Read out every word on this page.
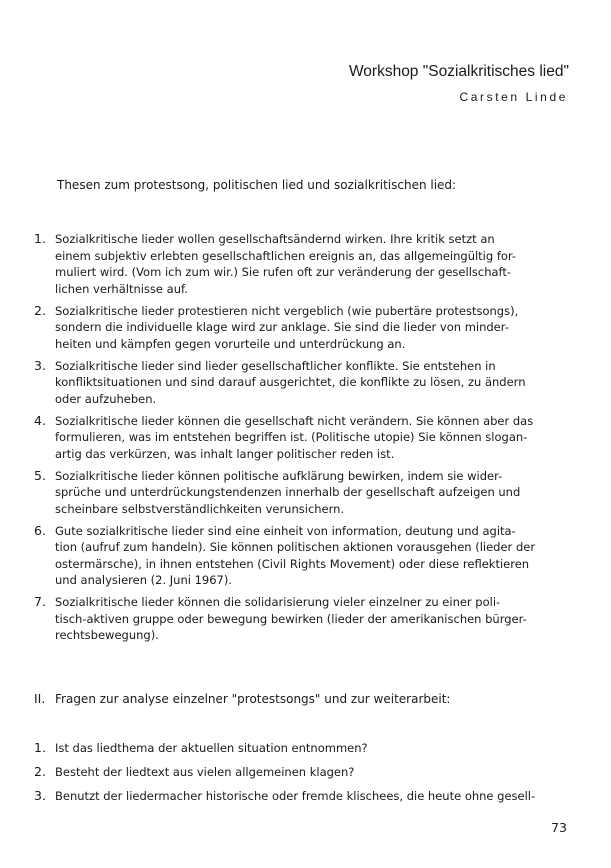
Workshop "Sozialkritisches lied"

Carsten Linde

Thesen zum protestsong, politischen lied und sozialkritischen lied:

1. Sozialkritische lieder wollen gesellschaftsändernd wirken. Ihre kritik setzt an
einem subjektiv erlebten gesellschaftlichen ereignis an, das allgemeingültig for-
muliert wird. (Vom ich zum wir.) Sie rufen oft zur veränderung der gesellschaft-
lichen verhältnisse auf.
2. Sozialkritische lieder protestieren nicht vergeblich (wie pubertäre protestsongs),
sondern die individuelle klage wird zur anklage. Sie sind die lieder von minder-
heiten und kämpfen gegen vorurteile und unterdrückung an.
3. Sozialkritische lieder sind lieder gesellschaftlicher konflikte. Sie entstehen in
konfliktsituationen und sind darauf ausgerichtet, die konflikte zu lösen, zu ändern
oder aufzuheben.
4. Sozialkritische lieder können die gesellschaft nicht verändern. Sie können aber das
formulieren, was im entstehen begriffen ist. (Politische utopie) Sie können slogan-
artig das verkürzen, was inhalt langer politischer reden ist.
5. Sozialkritische lieder können politische aufklärung bewirken, indem sie wider-
sprüche und unterdrückungstendenzen innerhalb der gesellschaft aufzeigen und
scheinbare selbstverständlichkeiten verunsichern.
6. Gute sozialkritische lieder sind eine einheit von information, deutung und agita-
tion (aufruf zum handeln). Sie können politischen aktionen vorausgehen (lieder der
ostermärsche), in ihnen entstehen (Civil Rights Movement) oder diese reflektieren
und analysieren (2. Juni 1967).
7. Sozialkritische lieder können die solidarisierung vieler einzelner zu einer poli-
tisch-aktiven gruppe oder bewegung bewirken (lieder der amerikanischen bürger-
rechtsbewegung).
II. Fragen zur analyse einzelner "protestsongs" und zur weiterarbeit:
1. Ist das liedthema der aktuellen situation entnommen?
2. Besteht der liedtext aus vielen allgemeinen klagen?
3. Benutzt der liedermacher historische oder fremde klischees, die heute ohne gesell-
73
